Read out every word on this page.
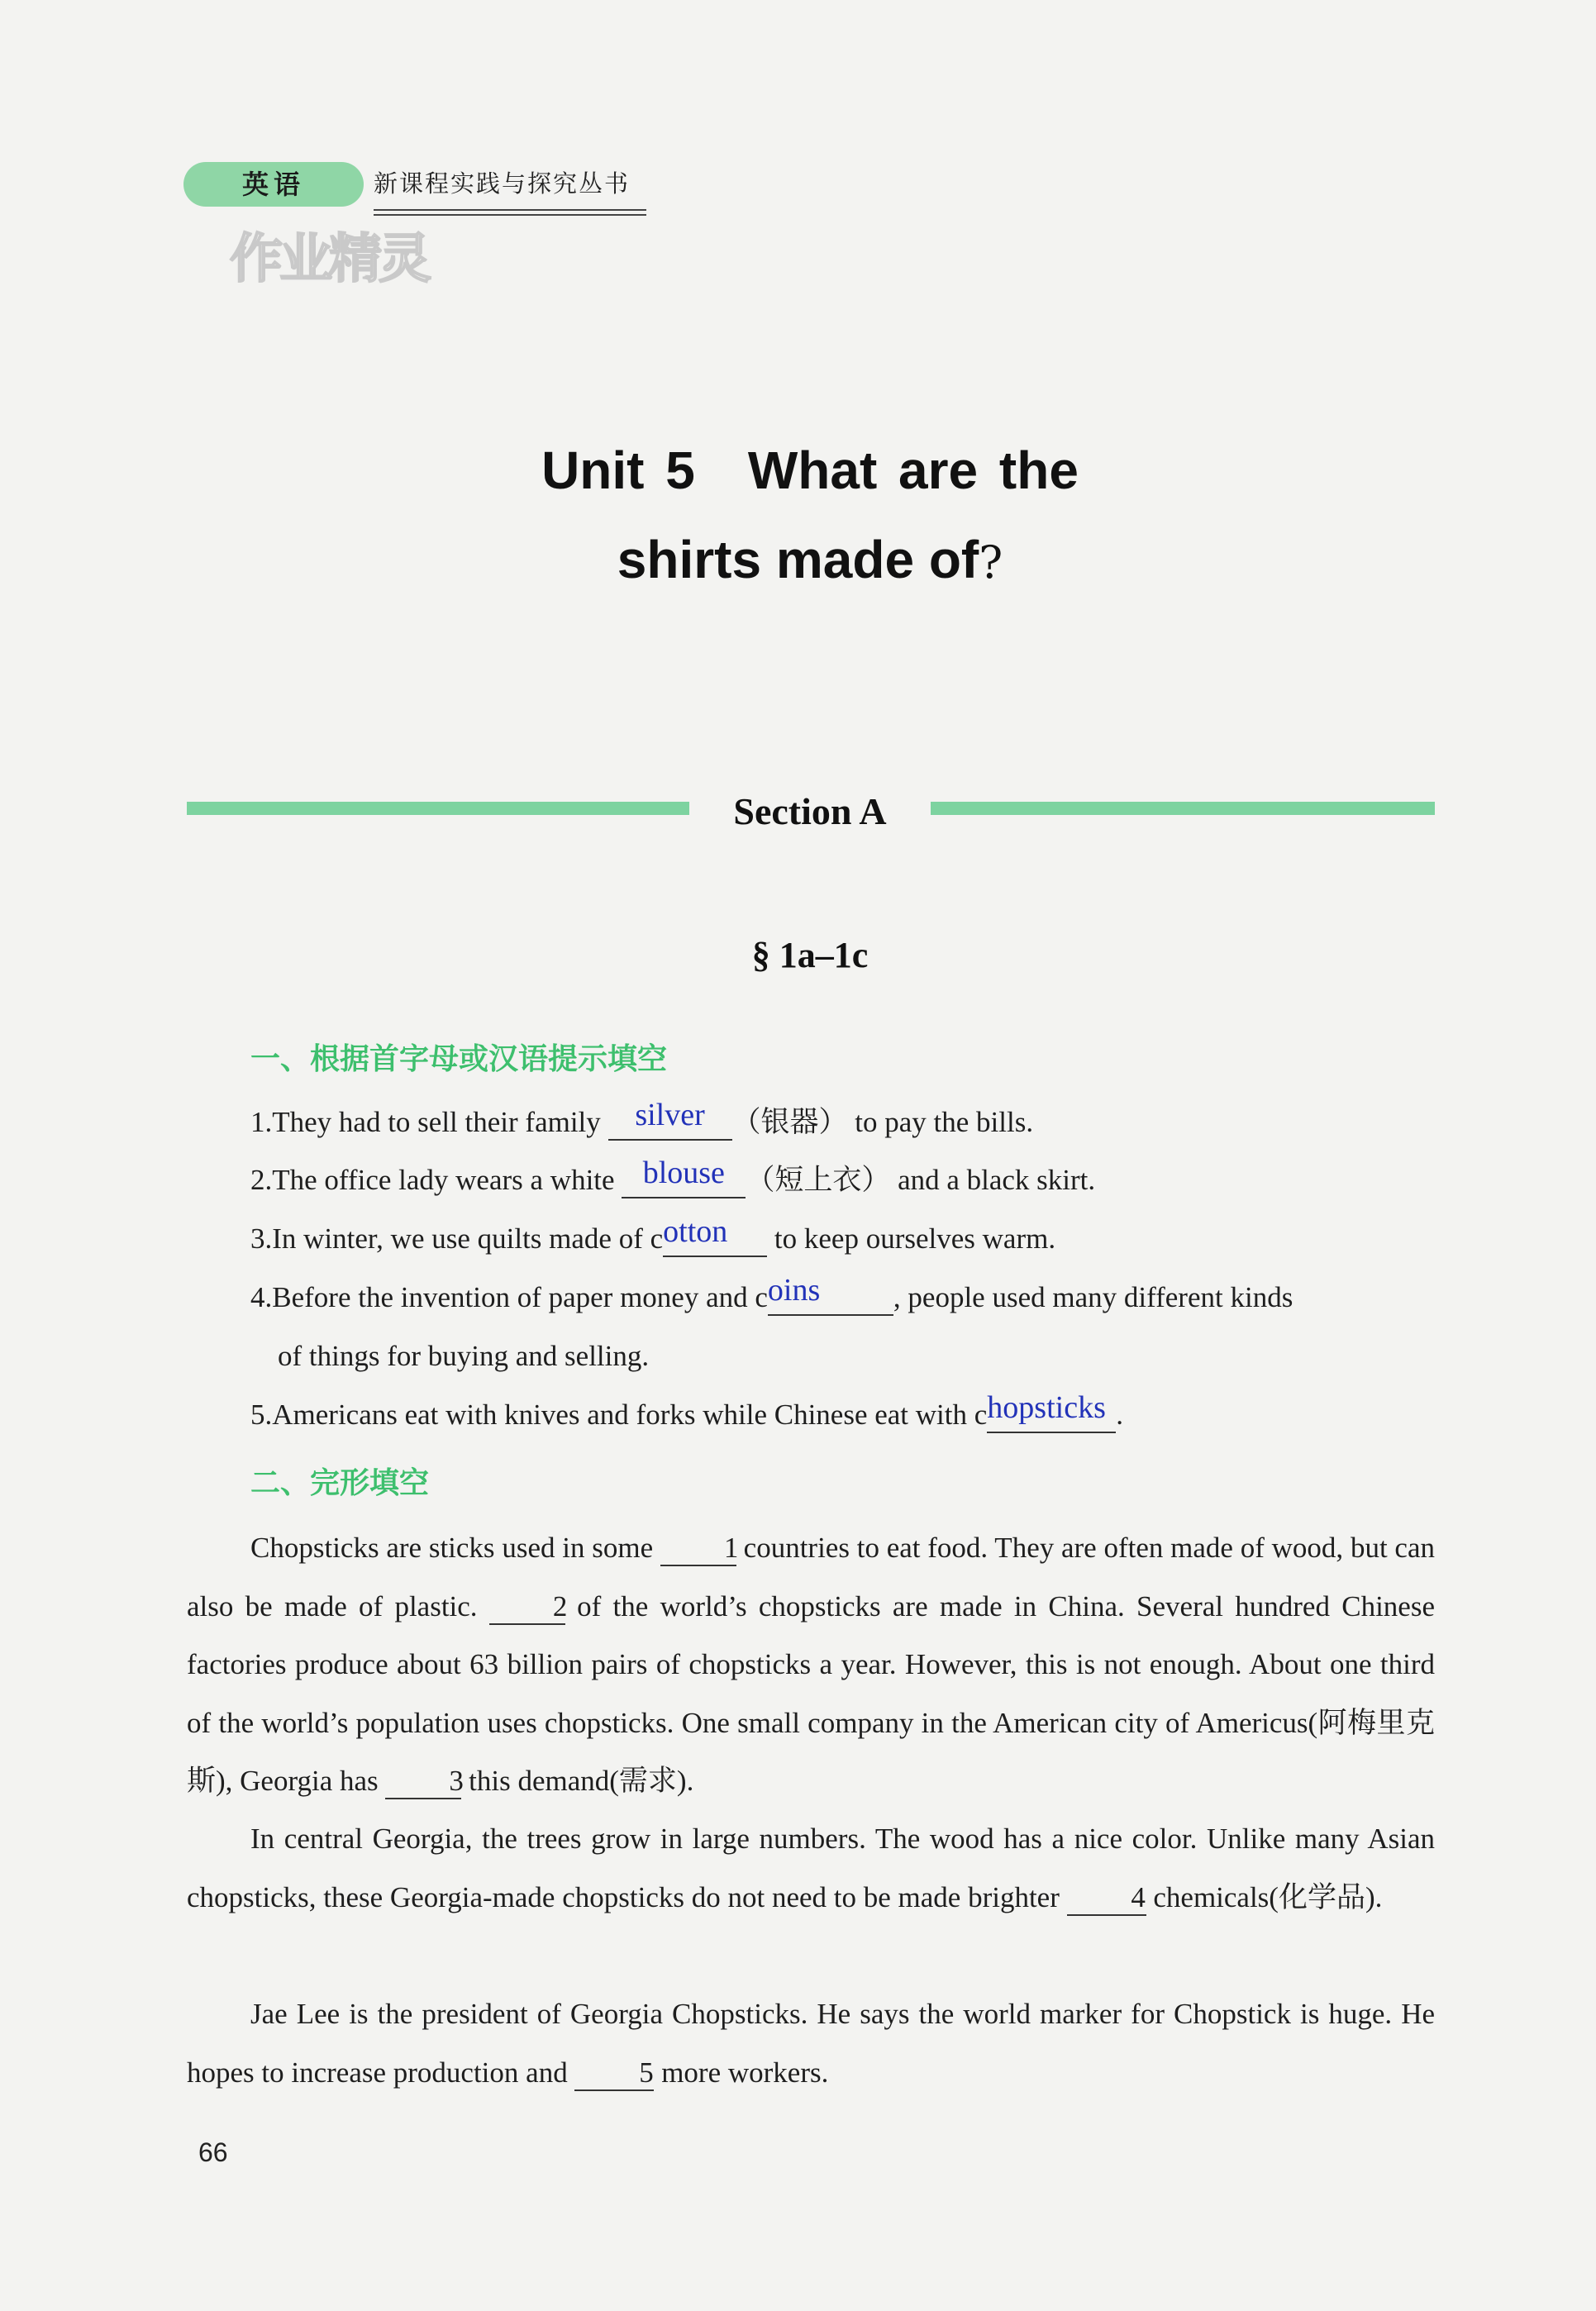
英语	新课程实践与探究丛书
作业精灵
Unit 5　What are the
shirts made of?
Section A
§ 1a–1c
一、根据首字母或汉语提示填空
1.They had to sell their family silver （银器） to pay the bills.
2.The office lady wears a white blouse （短上衣） and a black skirt.
3.In winter, we use quilts made of cotton to keep ourselves warm.
4.Before the invention of paper money and coins	, people used many different kinds
of things for buying and selling.
5.Americans eat with knives and forks while Chinese eat with chopsticks .
二、完形填空
Chopsticks are sticks used in some 1 countries to eat food. They are often made of wood, but can also be made of plastic. 2 of the world’s chopsticks are made in China. Several hundred Chinese factories produce about 63 billion pairs of chopsticks a year. However, this is not enough. About one third of the world’s population uses chopsticks. One small company in the American city of Americus(阿梅里克斯), Georgia has 3 this demand(需求).
In central Georgia, the trees grow in large numbers. The wood has a nice color. Unlike many Asian chopsticks, these Georgia-made chopsticks do not need to be made brighter 4 chemicals(化学品).
Jae Lee is the president of Georgia Chopsticks. He says the world marker for Chopstick is huge. He hopes to increase production and 5 more workers.
66
